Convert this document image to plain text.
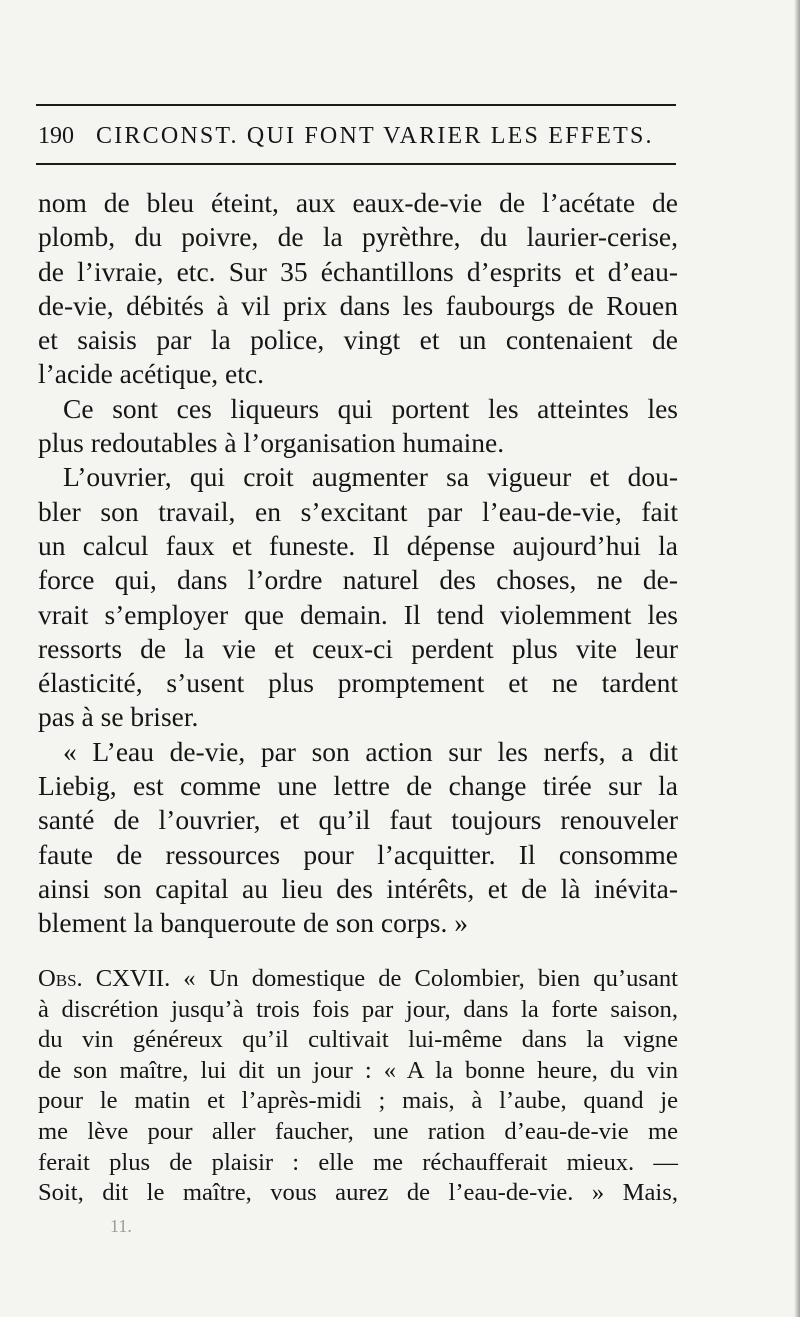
190 CIRCONST. QUI FONT VARIER LES EFFETS.
nom de bleu éteint, aux eaux-de-vie de l’acétate de
plomb, du poivre, de la pyrèthre, du laurier-cerise,
de l’ivraie, etc. Sur 35 échantillons d’esprits et d’eau-
de-vie, débités à vil prix dans les faubourgs de Rouen
et saisis par la police, vingt et un contenaient de
l’acide acétique, etc.
Ce sont ces liqueurs qui portent les atteintes les
plus redoutables à l’organisation humaine.
L’ouvrier, qui croit augmenter sa vigueur et dou-
bler son travail, en s’excitant par l’eau-de-vie, fait
un calcul faux et funeste. Il dépense aujourd’hui la
force qui, dans l’ordre naturel des choses, ne de-
vrait s’employer que demain. Il tend violemment les
ressorts de la vie et ceux-ci perdent plus vite leur
élasticité, s’usent plus promptement et ne tardent
pas à se briser.
« L’eau de-vie, par son action sur les nerfs, a dit
Liebig, est comme une lettre de change tirée sur la
santé de l’ouvrier, et qu’il faut toujours renouveler
faute de ressources pour l’acquitter. Il consomme
ainsi son capital au lieu des intérêts, et de là inévita-
blement la banqueroute de son corps. »
Obs. CXVII. « Un domestique de Colombier, bien qu’usant
à discrétion jusqu’à trois fois par jour, dans la forte saison,
du vin généreux qu’il cultivait lui-même dans la vigne
de son maître, lui dit un jour : « A la bonne heure, du vin
pour le matin et l’après-midi ; mais, à l’aube, quand je
me lève pour aller faucher, une ration d’eau-de-vie me
ferait plus de plaisir : elle me réchaufferait mieux. —
Soit, dit le maître, vous aurez de l’eau-de-vie. » Mais,
11.
